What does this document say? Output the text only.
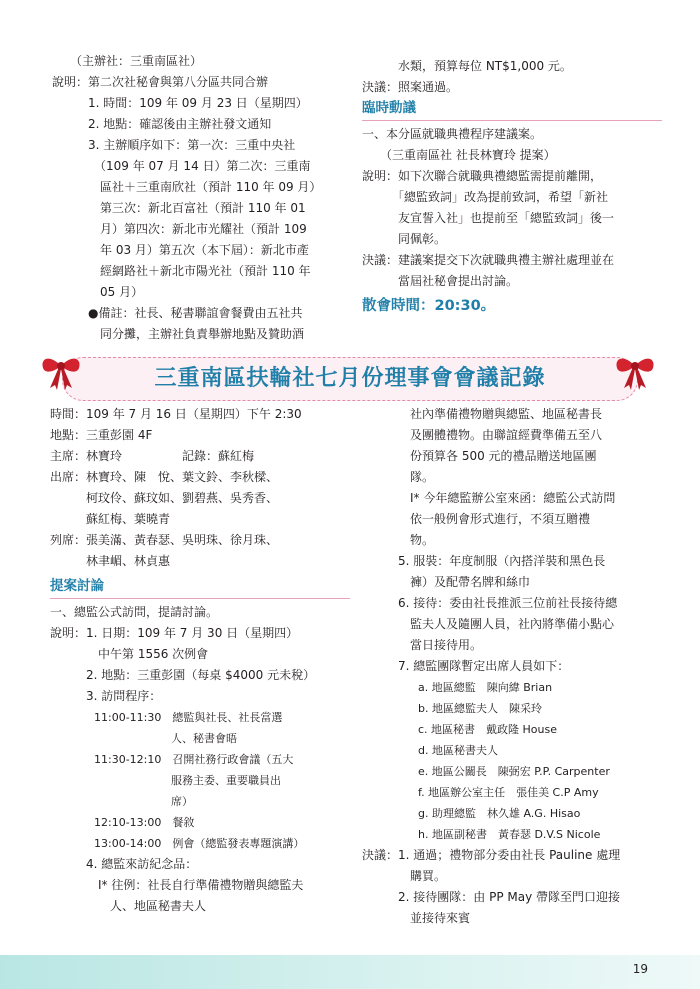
　　（主辦社：三重南區社）
說明：第二次社秘會與第八分區共同合辦
　　　1. 時間：109 年 09 月 23 日（星期四）
　　　2. 地點：確認後由主辦社發文通知
　　　3. 主辦順序如下：第一次：三重中央社
　　　　（109 年 07 月 14 日）第二次：三重南
　　　　區社＋三重南欣社（預計 110 年 09 月）
　　　　第三次：新北百富社（預計 110 年 01
　　　　月）第四次：新北市光耀社（預計 109
　　　　年 03 月）第五次（本下屆）：新北市產
　　　　經網路社＋新北市陽光社（預計 110 年
　　　　05 月）
　　　●備註：社長、秘書聯誼會餐費由五社共
　　　　同分攤，主辦社負責舉辦地點及贊助酒
　　　水類，預算每位 NT$1,000 元。
決議：照案通過。
臨時動議
一、本分區就職典禮程序建議案。
　　（三重南區社 社長林寶玲 提案）
說明：如下次聯合就職典禮總監需提前離開，
　　　「總監致詞」改為提前致詞，希望「新社
　　　友宣誓入社」也提前至「總監致詞」後一
　　　同佩彰。
決議：建議案提交下次就職典禮主辦社處理並在
　　　當屆社秘會提出討論。
散會時間：20:30。
三重南區扶輪社七月份理事會會議記錄
時間：109 年 7 月 16 日（星期四）下午 2:30
地點：三重彭園 4F
主席：林寶玲　　　　　記錄：蘇紅梅
出席：林寶玲、陳　悅、葉文鈴、李秋樑、
　　　柯玟伶、蘇玟如、劉碧燕、吳秀香、
　　　蘇紅梅、葉曉青
列席：張美滿、黃春瑟、吳明珠、徐月珠、
　　　林聿嵋、林貞惠
提案討論
一、總監公式訪問，提請討論。
說明：1. 日期：109 年 7 月 30 日（星期四）
　　　　中午第 1556 次例會
　　　2. 地點：三重彭園（每桌 $4000 元未稅）
　　　3. 訪問程序：
　　　　11:00-11:30　總監與社長、社長當選
　　　　　　　　　　　人、秘書會晤
　　　　11:30-12:10　召開社務行政會議（五大
　　　　　　　　　　　服務主委、重要職員出
　　　　　　　　　　　席）
　　　　12:10-13:00　餐敘
　　　　13:00-14:00　例會（總監發表專題演講）
　　　4. 總監來訪紀念品：
　　　　I* 往例：社長自行準備禮物贈與總監夫
　　　　　人、地區秘書夫人
　　　　社內準備禮物贈與總監、地區秘書長
　　　　及團體禮物。由聯誼經費準備五至八
　　　　份預算各 500 元的禮品贈送地區團
　　　　隊。
　　　　I* 今年總監辦公室來函：總監公式訪問
　　　　依一般例會形式進行，不須互贈禮
　　　　物。
　　　5. 服裝：年度制服（內搭洋裝和黑色長
　　　　褲）及配帶名牌和絲巾
　　　6. 接待：委由社長推派三位前社長接待總
　　　　監夫人及隨團人員，社內將準備小點心
　　　　當日接待用。
　　　7. 總監團隊暫定出席人員如下：
a. 地區總監　陳向緯 Brian
b. 地區總監夫人　陳采玲
c. 地區秘書　戴政隆 House
d. 地區秘書夫人
e. 地區公關長　陳弼宏 P.P. Carpenter
f. 地區辦公室主任　張佳美 C.P Amy
g. 助理總監　林久雄 A.G. Hisao
h. 地區副秘書　黃春瑟 D.V.S Nicole
決議：1. 通過；禮物部分委由社長 Pauline 處理
　　　　購買。
　　　2. 接待團隊：由 PP May 帶隊至門口迎接
　　　　並接待來賓
19
